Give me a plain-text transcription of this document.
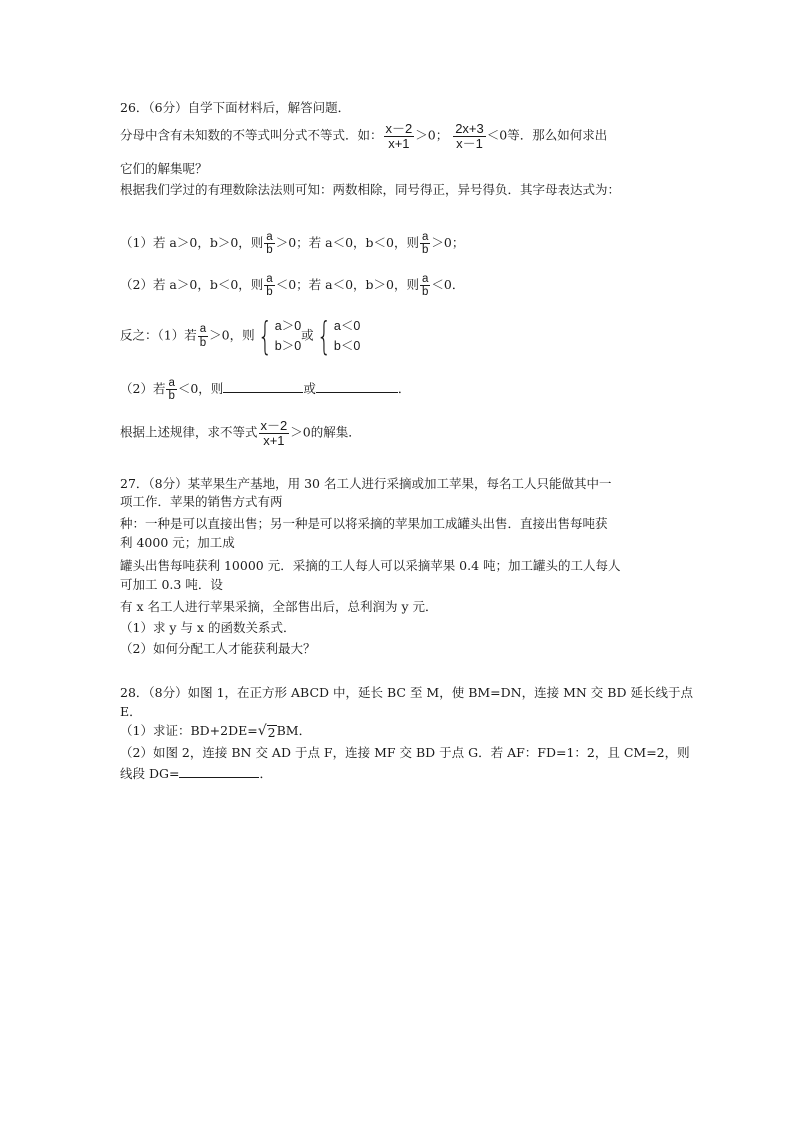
26．（6分）自学下面材料后，解答问题．
分母中含有未知数的不等式叫分式不等式．如： $\frac{x-2}{x+1} >0$； $\frac{2x+3}{x-1} <0$等．那么如何求出
它们的解集呢？
根据我们学过的有理数除法法则可知：两数相除，同号得正，异号得负．其字母表达式为：
（1）若 a＞0，b＞0，则 $\frac{a}{b} >0$；若 a＜0，b＜0，则 $\frac{a}{b} >0$；
（2）若 a＞0，b＜0，则 $\frac{a}{b} <0$；若 a＜0，b＞0，则 $\frac{a}{b} <0$．
反之：（1）若 $\frac{a}{b} >0$，则 { a＞0
b＞0
或 { a＜0
b＜0
（2）若 $\frac{a}{b} <0$，则	或	．
根据上述规律，求不等式 $\frac{x-2}{x+1} >0$的解集．
27．（8分）某苹果生产基地，用 30 名工人进行采摘或加工苹果，每名工人只能做其中一
项工作．苹果的销售方式有两
种：一种是可以直接出售；另一种是可以将采摘的苹果加工成罐头出售．直接出售每吨获
利 4000 元；加工成
罐头出售每吨获利 10000 元．采摘的工人每人可以采摘苹果 0.4 吨；加工罐头的工人每人
可加工 0.3 吨．设
有 x 名工人进行苹果采摘，全部售出后，总利润为 y 元．
（1）求 y 与 x 的函数关系式．
（2）如何分配工人才能获利最大？
28．（8分）如图 1，在正方形 ABCD 中，延长 BC 至 M，使 BM=DN，连接 MN 交 BD 延长线于点
E．
（1）求证：BD+2DE= √ 2 BM．
（2）如图 2，连接 BN 交 AD 于点 F，连接 MF 交 BD 于点 G．若 AF：FD=1：2，且 CM=2，则
线段 DG=	．
